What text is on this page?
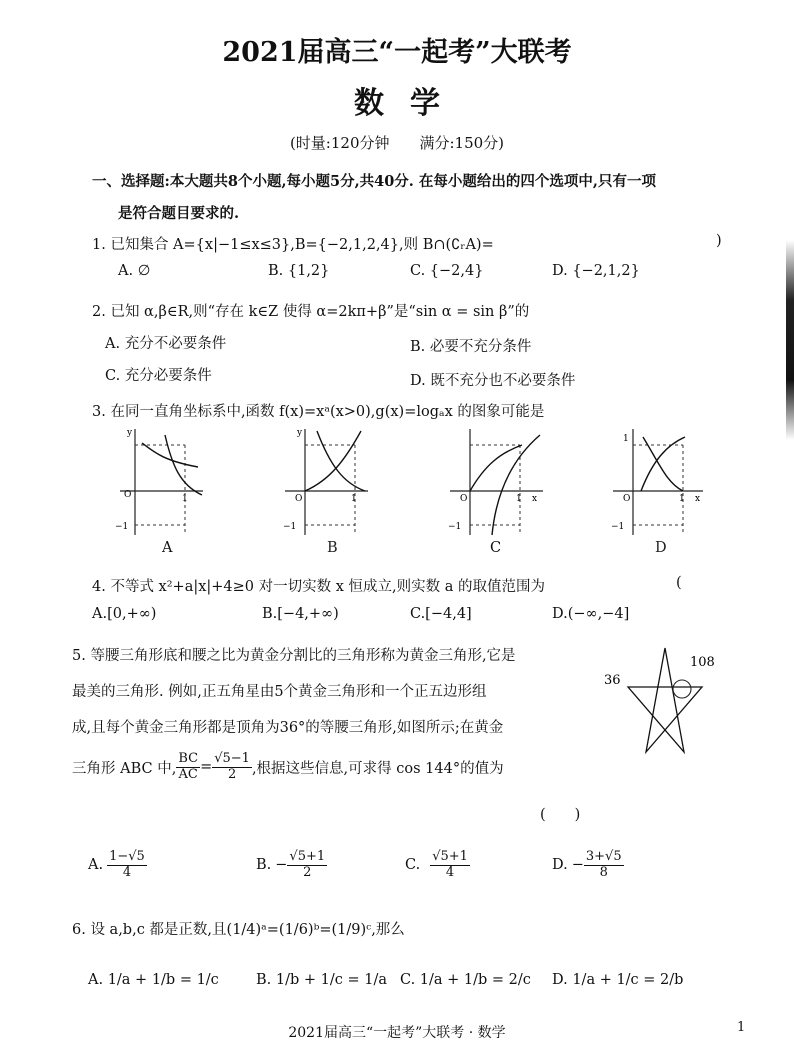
2021届高三“一起考”大联考
数学
(时量:120分钟　　满分:150分)
一、选择题:本大题共8个小题,每小题5分,共40分. 在每小题给出的四个选项中,只有一项
是符合题目要求的.
1. 已知集合 A={x|−1≤x≤3},B={−2,1,2,4},则 B∩(∁ᵣA)=	)
A. ∅	B. {1,2}	C. {−2,4}	D. {−2,1,2}
2. 已知 α,β∈R,则“存在 k∈Z 使得 α=2kπ+β”是“sin α = sin β”的
A. 充分不必要条件	B. 必要不充分条件
C. 充分必要条件	D. 既不充分也不必要条件
3. 在同一直角坐标系中,函数 f(x)=xᵃ(x>0),g(x)=logₐx 的图象可能是
y
O	1
−1
A
y
O	1
−1
B
O	1 x
−1
C
1
O	1 x
−1
D
4. 不等式 x²+a|x|+4≥0 对一切实数 x 恒成立,则实数 a 的取值范围为	(
A.[0,+∞)	B.[−4,+∞)	C.[−4,4]	D.(−∞,−4]
5. 等腰三角形底和腰之比为黄金分割比的三角形称为黄金三角形,它是
最美的三角形. 例如,正五角星由5个黄金三角形和一个正五边形组
成,且每个黄金三角形都是顶角为36°的等腰三角形,如图所示;在黄金
三角形 ABC 中, $\frac{BC}{AC} = \frac{√5-1}{2}$ ,根据这些信息,可求得 cos 144°的值为
(　　)
36
108
A. $\frac{1-√5}{4}$	B. − $\frac{√5+1}{2}$	C. $\frac{√5+1}{4}$	D. − $\frac{3+√5}{8}$
6. 设 a,b,c 都是正数,且(1/4)ᵃ=(1/6)ᵇ=(1/9)ᶜ,那么
A. 1/a + 1/b = 1/c	B. 1/b + 1/c = 1/a C. 1/a + 1/b = 2/c D. 1/a + 1/c = 2/b
2021届高三“一起考”大联考 · 数学	1
